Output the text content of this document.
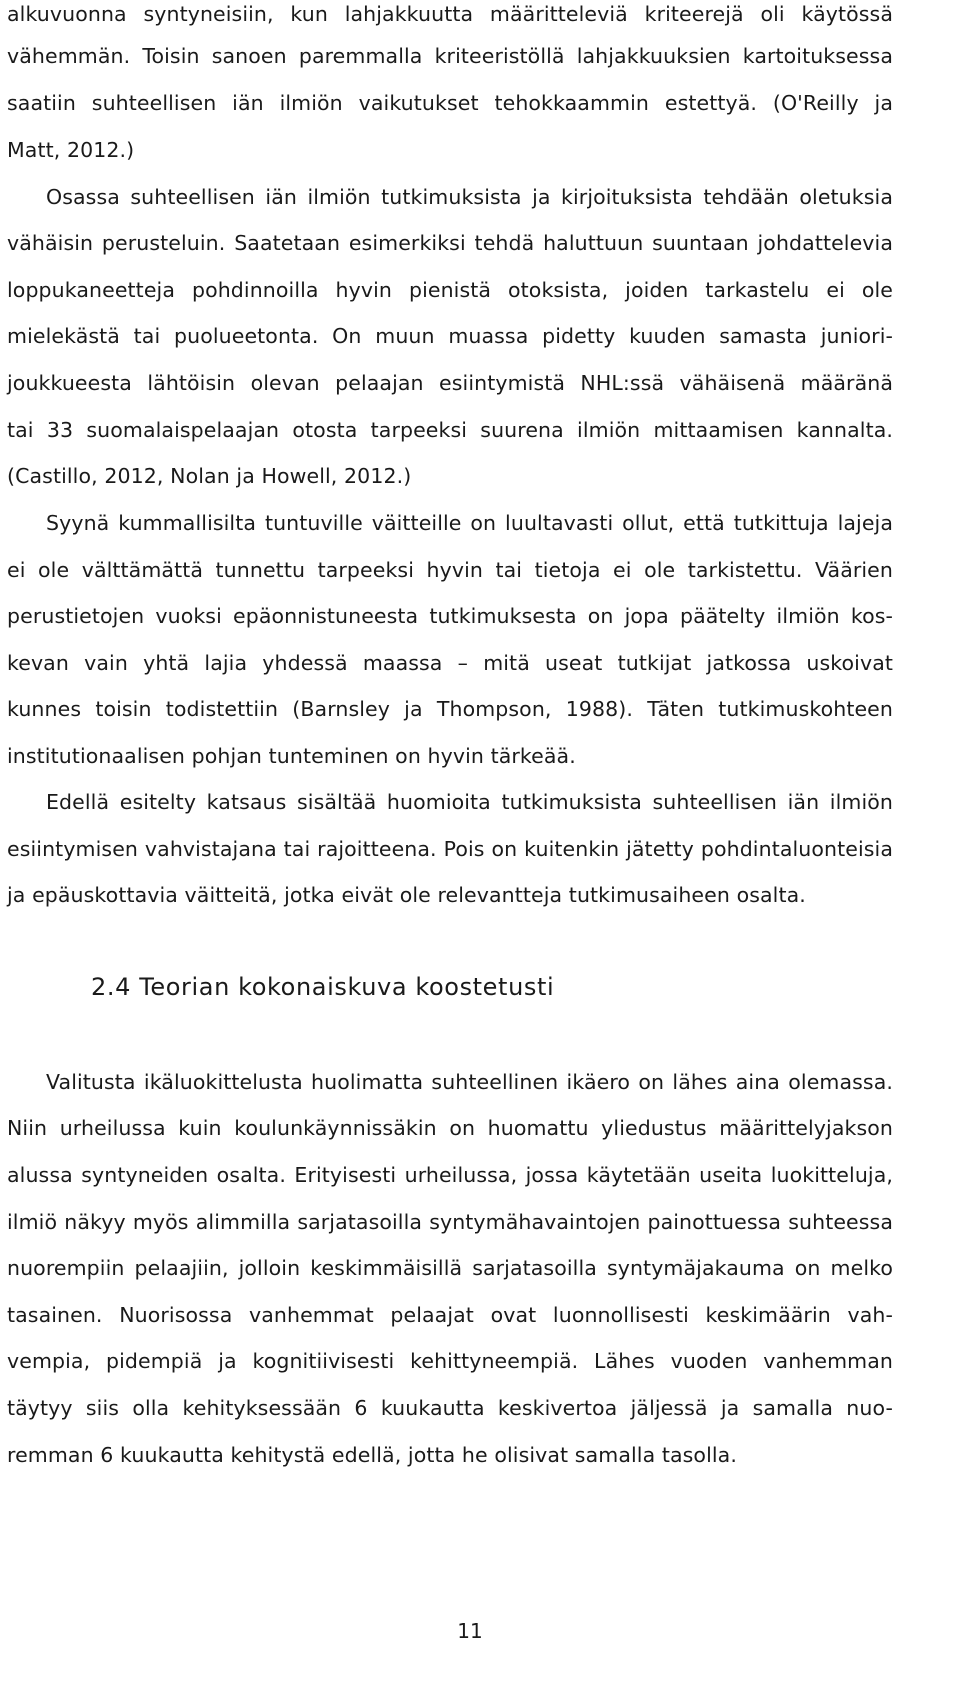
alkuvuonna syntyneisiin, kun lahjakkuutta määritteleviä kriteerejä oli käytössä
vähemmän. Toisin sanoen paremmalla kriteeristöllä lahjakkuuksien kartoituksessa
saatiin suhteellisen iän ilmiön vaikutukset tehokkaammin estettyä. (O'Reilly ja
Matt, 2012.)
Osassa suhteellisen iän ilmiön tutkimuksista ja kirjoituksista tehdään oletuksia
vähäisin perusteluin. Saatetaan esimerkiksi tehdä haluttuun suuntaan johdattelevia
loppukaneetteja pohdinnoilla hyvin pienistä otoksista, joiden tarkastelu ei ole
mielekästä tai puolueetonta. On muun muassa pidetty kuuden samasta juniori-
joukkueesta lähtöisin olevan pelaajan esiintymistä NHL:ssä vähäisenä määränä
tai 33 suomalaispelaajan otosta tarpeeksi suurena ilmiön mittaamisen kannalta.
(Castillo, 2012, Nolan ja Howell, 2012.)
Syynä kummallisilta tuntuville väitteille on luultavasti ollut, että tutkittuja lajeja
ei ole välttämättä tunnettu tarpeeksi hyvin tai tietoja ei ole tarkistettu. Väärien
perustietojen vuoksi epäonnistuneesta tutkimuksesta on jopa päätelty ilmiön kos-
kevan vain yhtä lajia yhdessä maassa – mitä useat tutkijat jatkossa uskoivat
kunnes toisin todistettiin (Barnsley ja Thompson, 1988). Täten tutkimuskohteen
institutionaalisen pohjan tunteminen on hyvin tärkeää.
Edellä esitelty katsaus sisältää huomioita tutkimuksista suhteellisen iän ilmiön
esiintymisen vahvistajana tai rajoitteena. Pois on kuitenkin jätetty pohdintaluonteisia
ja epäuskottavia väitteitä, jotka eivät ole relevantteja tutkimusaiheen osalta.
2.4 Teorian kokonaiskuva koostetusti
Valitusta ikäluokittelusta huolimatta suhteellinen ikäero on lähes aina olemassa.
Niin urheilussa kuin koulunkäynnissäkin on huomattu yliedustus määrittelyjakson
alussa syntyneiden osalta. Erityisesti urheilussa, jossa käytetään useita luokitteluja,
ilmiö näkyy myös alimmilla sarjatasoilla syntymähavaintojen painottuessa suhteessa
nuorempiin pelaajiin, jolloin keskimmäisillä sarjatasoilla syntymäjakauma on melko
tasainen. Nuorisossa vanhemmat pelaajat ovat luonnollisesti keskimäärin vah-
vempia, pidempiä ja kognitiivisesti kehittyneempiä. Lähes vuoden vanhemman
täytyy siis olla kehityksessään 6 kuukautta keskivertoa jäljessä ja samalla nuo-
remman 6 kuukautta kehitystä edellä, jotta he olisivat samalla tasolla.
11
